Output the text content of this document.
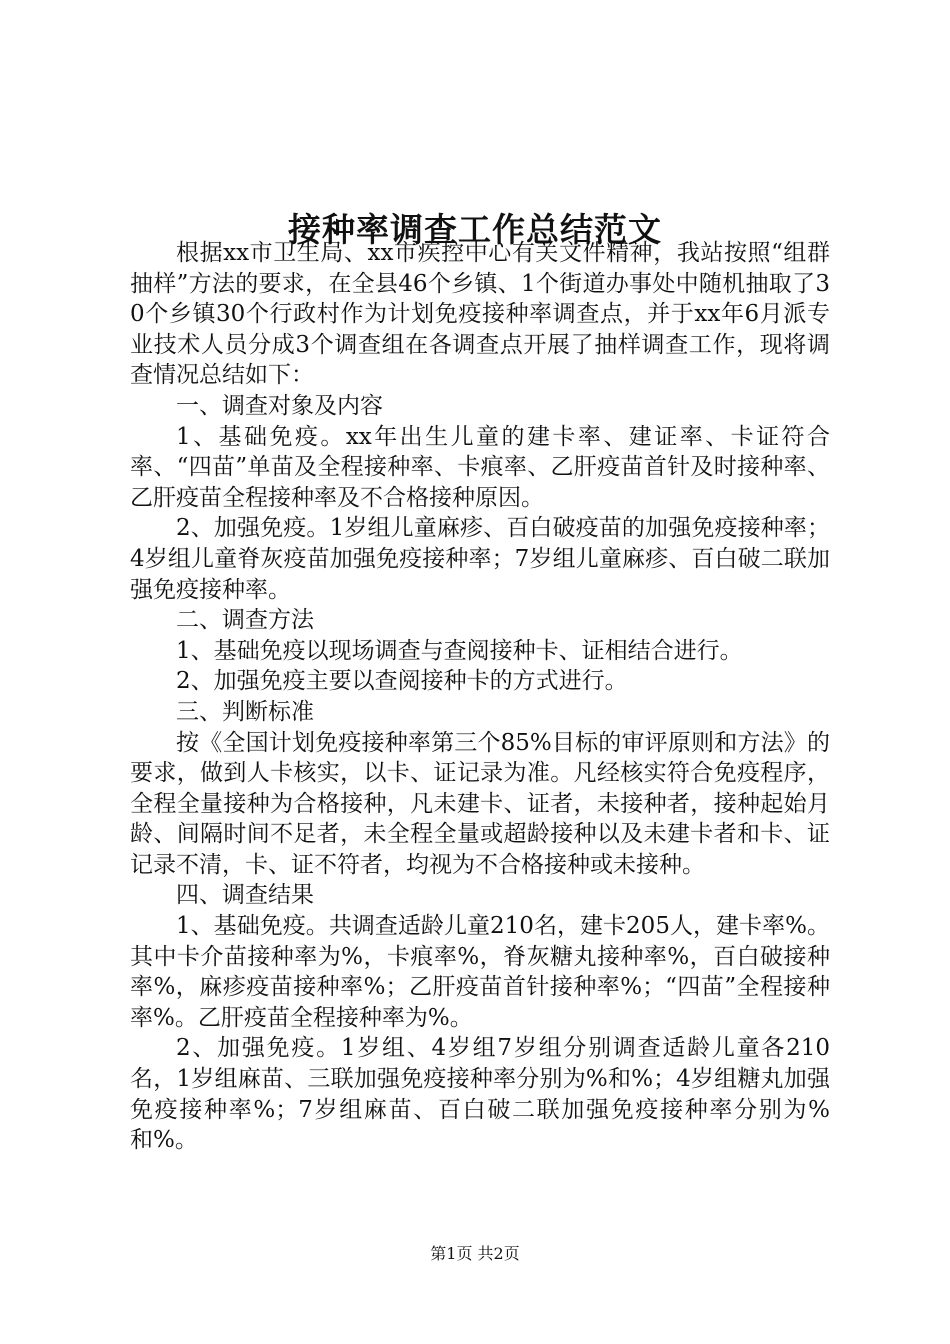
接种率调查工作总结范文

根据xx市卫生局、xx市疾控中心有关文件精神，我站按照“组群抽样”方法的要求，在全县46个乡镇、1个街道办事处中随机抽取了30个乡镇30个行政村作为计划免疫接种率调查点，并于xx年6月派专业技术人员分成3个调查组在各调查点开展了抽样调查工作，现将调查情况总结如下：

一、调查对象及内容

1、基础免疫。xx年出生儿童的建卡率、建证率、卡证符合率、“四苗”单苗及全程接种率、卡痕率、乙肝疫苗首针及时接种率、乙肝疫苗全程接种率及不合格接种原因。

2、加强免疫。1岁组儿童麻疹、百白破疫苗的加强免疫接种率；4岁组儿童脊灰疫苗加强免疫接种率；7岁组儿童麻疹、百白破二联加强免疫接种率。

二、调查方法

1、基础免疫以现场调查与查阅接种卡、证相结合进行。

2、加强免疫主要以查阅接种卡的方式进行。

三、判断标准

按《全国计划免疫接种率第三个85%目标的审评原则和方法》的要求，做到人卡核实，以卡、证记录为准。凡经核实符合免疫程序，全程全量接种为合格接种，凡未建卡、证者，未接种者，接种起始月龄、间隔时间不足者，未全程全量或超龄接种以及未建卡者和卡、证记录不清，卡、证不符者，均视为不合格接种或未接种。

四、调查结果

1、基础免疫。共调查适龄儿童210名，建卡205人，建卡率%。其中卡介苗接种率为%，卡痕率%，脊灰糖丸接种率%，百白破接种率%，麻疹疫苗接种率%；乙肝疫苗首针接种率%；“四苗”全程接种率%。乙肝疫苗全程接种率为%。

2、加强免疫。1岁组、4岁组7岁组分别调查适龄儿童各210名，1岁组麻苗、三联加强免疫接种率分别为%和%；4岁组糖丸加强免疫接种率%；7岁组麻苗、百白破二联加强免疫接种率分别为%和%。

第1页 共2页
